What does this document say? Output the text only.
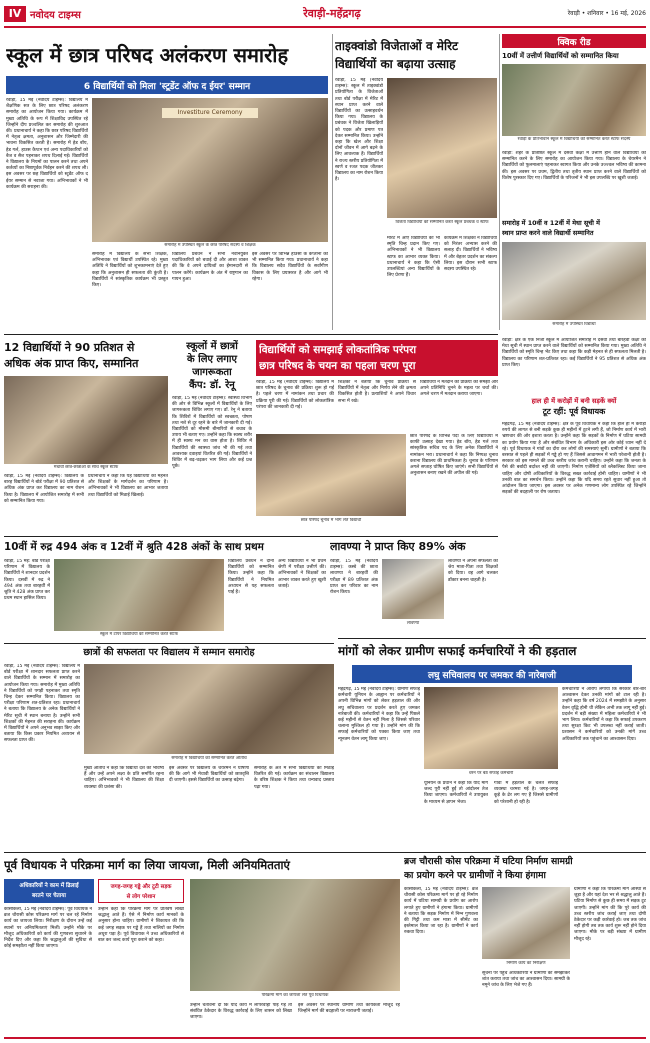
IV नवोदय टाइम्स	रेवाड़ी-महेंद्रगढ़	रेवाड़ी • शनिवार • 16 मई, 2026
स्कूल में छात्र परिषद अलंकरण समारोह
6 विद्यार्थियों को मिला 'स्टूडेंट ऑफ द ईयर' सम्मान
रेवाड़ी, 15 मई (नवोदय टाइम्स): विद्यालय में शैक्षणिक सत्र के लिए छात्र परिषद अलंकरण समारोह का आयोजन किया गया। कार्यक्रम में मुख्य अतिथि के रूप में शिक्षाविद उपस्थित रहे जिन्होंने दीप प्रज्वलित कर समारोह की शुरुआत की। प्रधानाचार्य ने कहा कि छात्र परिषद विद्यार्थियों में नेतृत्व क्षमता, अनुशासन और जिम्मेदारी की भावना विकसित करती है। समारोह में हेड बॉय, हेड गर्ल, हाउस कैप्टन एवं अन्य पदाधिकारियों को बैज व सैश पहनाकर शपथ दिलाई गई। विद्यार्थियों ने विद्यालय के नियमों का पालन करने तथा अपने कर्तव्यों का निष्ठापूर्वक निर्वहन करने की शपथ ली। इस अवसर पर छह विद्यार्थियों को स्टूडेंट ऑफ द ईयर सम्मान से नवाजा गया। अभिभावकों ने भी कार्यक्रम की सराहना की।
Investiture Ceremony
समारोह में उपस्थित स्कूल के छात्र परिषद सदस्य व शिक्षक
समारोह में विद्यालय के सभी शिक्षक, अभिभावक एवं विद्यार्थी उपस्थित रहे। मुख्य अतिथि ने विद्यार्थियों को शुभकामनाएं देते हुए कहा कि अनुशासन ही सफलता की कुंजी है। विद्यार्थियों ने सांस्कृतिक कार्यक्रम भी प्रस्तुत किए।
विद्यालय प्रबंधन ने सभी नवनियुक्त पदाधिकारियों को बधाई दी और आशा व्यक्त की कि वे अपने दायित्वों का ईमानदारी से पालन करेंगे। कार्यक्रम के अंत में राष्ट्रगान का गायन हुआ।
इस अवसर पर विभिन्न हाउसों के कप्तानों को भी सम्मानित किया गया। प्रधानाचार्य ने कहा कि विद्यालय सदैव विद्यार्थियों के सर्वांगीण विकास के लिए प्रयासरत है और आगे भी रहेगा।
ताइक्वांडो विजेताओं व मेरिट
विद्यार्थियों का बढ़ाया उत्साह
रेवाड़ी, 15 मई (नवोदय टाइम्स): स्कूल में ताइक्वांडो प्रतियोगिता के विजेताओं तथा बोर्ड परीक्षा में मेरिट में स्थान प्राप्त करने वाले विद्यार्थियों का उत्साहवर्धन किया गया। विद्यालय के प्रबंधक ने विजेता खिलाड़ियों को पदक और प्रमाण पत्र देकर सम्मानित किया। उन्होंने कहा कि खेल और शिक्षा दोनों जीवन में आगे बढ़ने के लिए आवश्यक हैं। विद्यार्थियों ने राज्य स्तरीय प्रतियोगिता में स्वर्ण व रजत पदक जीतकर विद्यालय का नाम रोशन किया है।
विजेता विद्यार्थियों को सम्मानित करते स्कूल प्रबंधक व स्टाफ
मेरिट में आए विद्यार्थियों को भी स्मृति चिन्ह प्रदान किए गए। अभिभावकों ने भी विद्यालय स्टाफ का आभार व्यक्त किया। प्रधानाचार्य ने कहा कि ऐसी उपलब्धियां अन्य विद्यार्थियों के लिए प्रेरणा हैं।
कार्यक्रम में शिक्षकों ने विद्यार्थियों को निरंतर अभ्यास करने की सलाह दी। विद्यार्थियों ने भविष्य में और बेहतर प्रदर्शन का संकल्प लिया। इस दौरान सभी स्टाफ सदस्य उपस्थित रहे।
क्विक रीड
10वीं में उत्तीर्ण विद्यार्थियों को सम्मानित किया
रेवाड़ी के प्रतिभावान स्कूल में विद्यार्थियों को सम्मानित करते स्टाफ सदस्य
रेवाड़ी: शहर के प्रतिष्ठित स्कूल में दसवीं कक्षा में उत्तीर्ण होने वाले विद्यार्थियों को सम्मानित करने के लिए समारोह का आयोजन किया गया। विद्यालय के चेयरमैन ने विद्यार्थियों को फूलमालाएं पहनाकर स्वागत किया और उनके उज्ज्वल भविष्य की कामना की। इस अवसर पर प्रथम, द्वितीय तथा तृतीय स्थान प्राप्त करने वाले विद्यार्थियों को विशेष पुरस्कार दिए गए। विद्यार्थियों के परिजनों ने भी इस उपलब्धि पर खुशी जताई।
समारोह में 10वीं व 12वीं में मेधा सूची में
स्थान प्राप्त करने वाले विद्यार्थी सम्मानित
समारोह में उपस्थित विद्यार्थी
रेवाड़ी: क्षेत्र के एक निजी स्कूल में आयोजित समारोह में दसवीं तथा बारहवीं कक्षा की मेधा सूची में स्थान प्राप्त करने वाले विद्यार्थियों को सम्मानित किया गया। मुख्य अतिथि ने विद्यार्थियों को स्मृति चिन्ह भेंट किए तथा कहा कि कड़ी मेहनत से ही सफलता मिलती है। विद्यालय का परिणाम शत-प्रतिशत रहा। कई विद्यार्थियों ने 95 प्रतिशत से अधिक अंक प्राप्त किए।
हाल ही में करोड़ों में बनी सड़कें क्यों
टूट रहीं: पूर्व विधायक
महेंद्रगढ़, 15 मई (नवोदय टाइम्स): क्षेत्र के पूर्व विधायक ने कहा कि हाल ही में करोड़ों रुपये की लागत से बनी सड़कें कुछ ही महीनों में टूटने लगी हैं, जो निर्माण कार्य में भारी भ्रष्टाचार की ओर इशारा करता है। उन्होंने कहा कि सड़कों के निर्माण में घटिया सामग्री का प्रयोग किया गया है और संबंधित विभाग के अधिकारी इस ओर कोई ध्यान नहीं दे रहे। पूर्व विधायक ने गांवों का दौरा कर लोगों की समस्याएं सुनीं। ग्रामीणों ने बताया कि बरसात से पहले ही सड़कों में गड्ढे हो गए हैं जिससे आवागमन में भारी परेशानी होती है। सरकार को इस मामले की उच्च स्तरीय जांच करानी चाहिए। उन्होंने कहा कि जनता के पैसे की बर्बादी बर्दाश्त नहीं की जाएगी। निर्माण एजेंसियों को ब्लैकलिस्ट किया जाना चाहिए और दोषी अधिकारियों के विरुद्ध सख्त कार्रवाई होनी चाहिए। ग्रामीणों ने भी उनकी बात का समर्थन किया। उन्होंने कहा कि यदि समय रहते सुधार नहीं हुआ तो आंदोलन किया जाएगा। इस अवसर पर अनेक गणमान्य लोग उपस्थित रहे जिन्होंने सड़कों की बदहाली पर रोष जताया।
12 विद्यार्थियों ने 90 प्रतिशत से
अधिक अंक प्राप्त किए, सम्मानित
मेधावी छात्र-छात्राओं के साथ स्कूल स्टाफ
रेवाड़ी, 15 मई (नवोदय टाइम्स): विद्यालय के बारह विद्यार्थियों ने बोर्ड परीक्षा में 90 प्रतिशत से अधिक अंक प्राप्त कर विद्यालय का नाम रोशन किया है। विद्यालय में आयोजित समारोह में सभी को सम्मानित किया गया।
प्रधानाचार्य ने कहा कि यह विद्यार्थियों की मेहनत और शिक्षकों के मार्गदर्शन का परिणाम है। अभिभावकों ने भी विद्यालय का आभार जताया तथा विद्यार्थियों को मिठाई खिलाई।
स्कूलों में छात्रों
के लिए लगाए
जागरूकता
कैंप: डॉ. रेनू
रेवाड़ी, 15 मई (नवोदय टाइम्स): स्वास्थ्य विभाग की ओर से विभिन्न स्कूलों में विद्यार्थियों के लिए जागरूकता शिविर लगाए गए। डॉ. रेनू ने बताया कि शिविरों में विद्यार्थियों को स्वच्छता, पोषण तथा नशे से दूर रहने के बारे में जानकारी दी गई। विद्यार्थियों को मौसमी बीमारियों से बचाव के उपाय भी बताए गए। उन्होंने कहा कि स्वस्थ शरीर में ही स्वस्थ मन का वास होता है। शिविर में विद्यार्थियों की स्वास्थ्य जांच भी की गई तथा आवश्यक दवाइयां वितरित की गईं। विद्यार्थियों ने शिविर में बढ़-चढ़कर भाग लिया और कई प्रश्न पूछे।
विद्यार्थियों को समझाई लोकतांत्रिक परंपरा
छात्र परिषद के चयन का पहला चरण पूरा
रेवाड़ी, 15 मई (नवोदय टाइम्स): विद्यालय में छात्र परिषद के चुनाव की प्रक्रिया शुरू हो गई है। पहले चरण में नामांकन तथा प्रचार की प्रक्रिया पूरी की गई। विद्यार्थियों को लोकतांत्रिक परंपरा की जानकारी दी गई।
शिक्षकों ने बताया कि चुनाव प्रक्रिया से विद्यार्थियों में नेतृत्व और निर्णय लेने की क्षमता विकसित होती है। प्रत्याशियों ने अपने विचार सभा में रखे।
विद्यार्थियों ने मतदान की प्रक्रिया को समझा और अपने प्रतिनिधि चुनने के महत्व पर चर्चा की। अगले चरण में मतदान कराया जाएगा।
छात्र परिषद चुनाव में भाग लेते विद्यार्थी
छात्र परिषद के विभिन्न पदों के लिए विद्यार्थियों में काफी उत्साह देखा गया। हेड बॉय, हेड गर्ल तथा सांस्कृतिक सचिव पद के लिए अनेक विद्यार्थियों ने नामांकन भरा। प्रधानाचार्य ने कहा कि निष्पक्ष चुनाव कराना विद्यालय की प्राथमिकता है। चुनाव के परिणाम अगले सप्ताह घोषित किए जाएंगे। सभी विद्यार्थियों से अनुशासन बनाए रखने की अपील की गई।
10वीं में रुद्र 494 अंक व 12वीं में श्रुति 428 अंकों के साथ प्रथम
रेवाड़ी, 15 मई: बोर्ड परीक्षा परिणाम में विद्यालय के विद्यार्थियों ने शानदार प्रदर्शन किया। दसवीं में रुद्र ने 494 अंक तथा बारहवीं में श्रुति ने 428 अंक प्राप्त कर प्रथम स्थान हासिल किया।
स्कूल में टॉपर विद्यार्थियों को सम्मानित करते स्टाफ
विद्यालय प्रबंधन ने दोनों विद्यार्थियों को सम्मानित किया। उन्होंने कहा कि विद्यार्थियों ने नियमित अध्ययन से यह सफलता पाई है।
अन्य विद्यार्थियों ने भी प्रथम श्रेणी में परीक्षा उत्तीर्ण की। अभिभावकों ने शिक्षकों का आभार व्यक्त करते हुए खुशी जताई।
लावण्या ने प्राप्त किए 89% अंक
रेवाड़ी, 15 मई (नवोदय टाइम्स): कस्बे की छात्रा लावण्या ने बारहवीं की परीक्षा में 89 प्रतिशत अंक प्राप्त कर परिवार का नाम रोशन किया।
लावण्या
लावण्या ने अपनी सफलता का श्रेय माता-पिता तथा शिक्षकों को दिया। वह आगे चलकर डॉक्टर बनना चाहती है।
छात्रों की सफलता पर विद्यालय में सम्मान समारोह
रेवाड़ी, 15 मई (नवोदय टाइम्स): विद्यालय में बोर्ड परीक्षा में शानदार सफलता प्राप्त करने वाले विद्यार्थियों के सम्मान में समारोह का आयोजन किया गया। समारोह में मुख्य अतिथि ने विद्यार्थियों को पगड़ी पहनाकर तथा स्मृति चिन्ह देकर सम्मानित किया। विद्यालय का परीक्षा परिणाम शत-प्रतिशत रहा। प्रधानाचार्य ने बताया कि विद्यालय के अनेक विद्यार्थियों ने मेरिट सूची में स्थान बनाया है। उन्होंने सभी शिक्षकों की मेहनत की सराहना की। कार्यक्रम में विद्यार्थियों ने अपने अनुभव साझा किए और बताया कि किस प्रकार नियमित अध्ययन से सफलता प्राप्त की।
समारोह में विद्यार्थियों को सम्मानित करते अतिथि
मुख्य अतिथि ने कहा कि विद्यार्थी देश का भविष्य हैं और उन्हें अपने लक्ष्य के प्रति समर्पित रहना चाहिए। अभिभावकों ने भी विद्यालय की शिक्षा व्यवस्था की प्रशंसा की।
इस अवसर पर विद्यालय के चेयरमैन ने घोषणा की कि आगे भी मेधावी विद्यार्थियों को छात्रवृत्ति दी जाएगी। इससे विद्यार्थियों का उत्साह बढ़ेगा।
समारोह के अंत में सभी विद्यार्थियों को मिठाई वितरित की गई। कार्यक्रम का संचालन विद्यालय के वरिष्ठ शिक्षक ने किया तथा धन्यवाद प्रस्ताव पढ़ा गया।
मांगों को लेकर ग्रामीण सफाई कर्मचारियों ने की हड़ताल
लघु सचिवालय पर जमकर की नारेबाजी
महेंद्रगढ़, 15 मई (नवोदय टाइम्स): ग्रामीण सफाई कर्मचारी यूनियन के आह्वान पर कर्मचारियों ने अपनी विभिन्न मांगों को लेकर हड़ताल की और लघु सचिवालय पर प्रदर्शन करते हुए जमकर नारेबाजी की। कर्मचारियों ने कहा कि उन्हें पिछले कई महीनों से वेतन नहीं मिला है जिससे परिवार चलाना मुश्किल हो गया है। उन्होंने मांग की कि सफाई कर्मचारियों को पक्का किया जाए तथा न्यूनतम वेतन लागू किया जाए।
धरने पर बैठे सफाई कर्मचारी
यूनियन के प्रधान ने कहा कि यदि मांगें जल्द पूरी नहीं हुईं तो आंदोलन तेज किया जाएगा। कर्मचारियों ने उपायुक्त के माध्यम से ज्ञापन भेजा।
गांवों में हड़ताल के चलते सफाई व्यवस्था चरमरा गई है। जगह-जगह कूड़े के ढेर लग गए हैं जिससे ग्रामीणों को परेशानी हो रही है।
कर्मचारियों ने आरोप लगाया कि सरकार बार-बार आश्वासन देकर उनकी मांगों को टाल रही है। उन्होंने कहा कि वर्ष 2024 में समझौते के अनुसार वेतन वृद्धि होनी थी लेकिन अभी तक लागू नहीं हुई। प्रदर्शन में बड़ी संख्या में महिला कर्मचारियों ने भी भाग लिया। कर्मचारियों ने कहा कि सफाई उपकरण तथा सुरक्षा किट भी उपलब्ध नहीं कराई जाती। प्रशासन ने कर्मचारियों को उनकी मांगें उच्च अधिकारियों तक पहुंचाने का आश्वासन दिया।
पूर्व विधायक ने परिक्रमा मार्ग का लिया जायजा, मिली अनियमितताएं
अधिकारियों ने काम में ढिलाई
बरतने पर चेताया
जगह-जगह गड्ढे और टूटी सड़क
से लोग परेशान
कोसीकलां, 15 मई (नवोदय टाइम्स): पूर्व विधायक ने ब्रज चौरासी कोस परिक्रमा मार्ग पर चल रहे निर्माण कार्य का जायजा लिया। निरीक्षण के दौरान उन्हें कई स्थानों पर अनियमितताएं मिलीं। उन्होंने मौके पर मौजूद अधिकारियों को कार्य की गुणवत्ता सुधारने के निर्देश दिए और कहा कि श्रद्धालुओं की सुविधा से कोई समझौता नहीं किया जाएगा।
उन्होंने कहा कि परिक्रमा मार्ग पर प्रतिवर्ष लाखों श्रद्धालु आते हैं। ऐसे में निर्माण कार्य मानकों के अनुसार होना चाहिए। ग्रामीणों ने शिकायत की कि कई जगह सड़क पर गड्ढे हैं तथा नालियों का निर्माण अधूरा पड़ा है। पूर्व विधायक ने उच्च अधिकारियों से बात कर जल्द कार्य पूरा कराने को कहा।
परिक्रमा मार्ग का जायजा लेते पूर्व विधायक
उन्होंने चेतावनी दी कि यदि कार्य में लापरवाही पाई गई तो संबंधित ठेकेदार के विरुद्ध कार्रवाई के लिए शासन को लिखा जाएगा।
इस अवसर पर स्थानीय ग्रामीण तथा कार्यकर्ता मौजूद रहे जिन्होंने मार्ग की बदहाली पर नाराजगी जताई।
ब्रज चौरासी कोस परिक्रमा में घटिया निर्माण सामग्री
का प्रयोग करने पर ग्रामीणों ने किया हंगामा
कोसीकलां, 15 मई (नवोदय टाइम्स): ब्रज चौरासी कोस परिक्रमा मार्ग पर हो रहे निर्माण कार्य में घटिया सामग्री के प्रयोग का आरोप लगाते हुए ग्रामीणों ने हंगामा किया। ग्रामीणों ने बताया कि सड़क निर्माण में निम्न गुणवत्ता की गिट्टी तथा कम मात्रा में सीमेंट का इस्तेमाल किया जा रहा है। ग्रामीणों ने कार्य रुकवा दिया।
निर्माण कार्य का निरीक्षण
सूचना पर पहुंचे अधिकारियों ने ग्रामीणों को समझाकर शांत कराया तथा जांच का आश्वासन दिया। सामग्री के नमूने जांच के लिए भेजे गए हैं।
ग्रामीणों ने कहा कि परिक्रमा मार्ग आस्था से जुड़ा है और यहां देश भर से श्रद्धालु आते हैं। घटिया निर्माण से कुछ ही समय में सड़क टूट जाएगी। उन्होंने मांग की कि पूरे कार्य की उच्च स्तरीय जांच कराई जाए तथा दोषी ठेकेदार पर कड़ी कार्रवाई हो। जब तक जांच नहीं होगी तब तक कार्य शुरू नहीं होने दिया जाएगा। मौके पर बड़ी संख्या में ग्रामीण मौजूद रहे।
